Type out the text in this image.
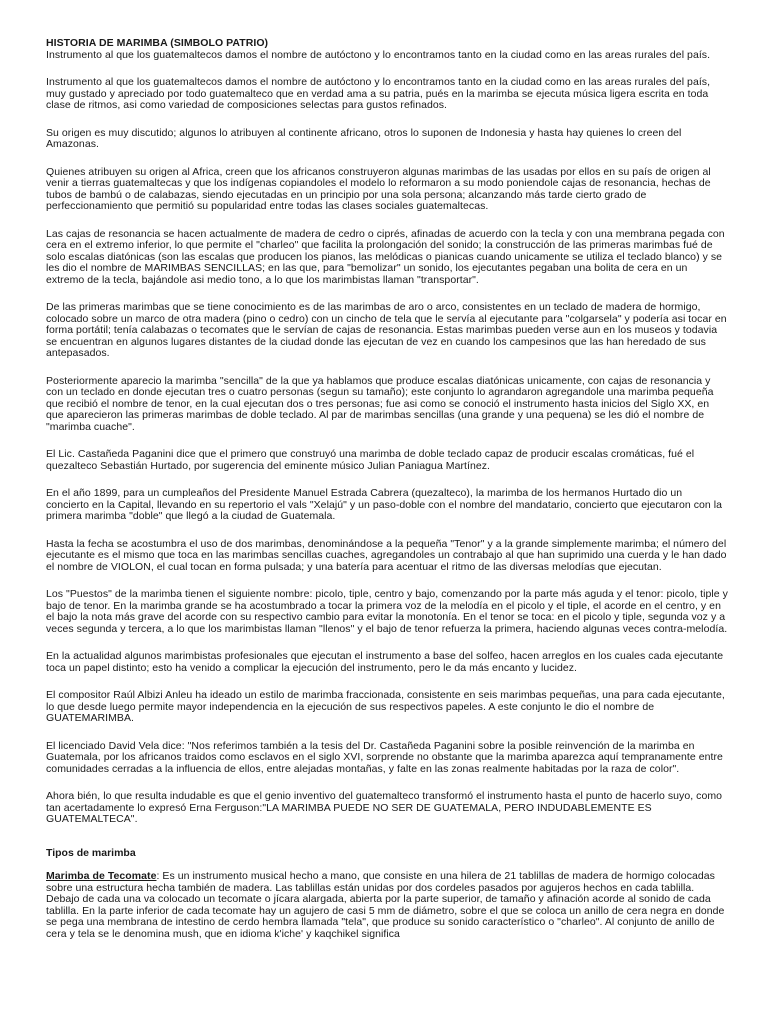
HISTORIA DE MARIMBA (SIMBOLO PATRIO)
Instrumento al que los guatemaltecos damos el nombre de autóctono y lo encontramos tanto en la ciudad como en las areas rurales del país.

Instrumento al que los guatemaltecos damos el nombre de autóctono y lo encontramos tanto en la ciudad como en las areas rurales del país, muy gustado y apreciado por todo guatemalteco que en verdad ama a su patria, pués en la marimba se ejecuta música ligera escrita en toda clase de ritmos, asi como variedad de composiciones selectas para gustos refinados.

Su origen es muy discutido; algunos lo atribuyen al continente africano, otros lo suponen de Indonesia y hasta hay quienes lo creen del Amazonas.

Quienes atribuyen su origen al Africa, creen que los africanos construyeron algunas marimbas de las usadas por ellos en su país de origen al venir a tierras guatemaltecas y que los indígenas copiandoles el modelo lo reformaron a su modo poniendole cajas de resonancia, hechas de tubos de bambú o de calabazas, siendo ejecutadas en un principio por una sola persona; alcanzando más tarde cierto grado de perfeccionamiento que permitió su popularidad entre todas las clases sociales guatemaltecas.

Las cajas de resonancia se hacen actualmente de madera de cedro o ciprés, afinadas de acuerdo con la tecla y con una membrana pegada con cera en el extremo inferior, lo que permite el "charleo" que facilita la prolongación del sonido; la construcción de las primeras marimbas fué de solo escalas diatónicas (son las escalas que producen los pianos, las melódicas o pianicas cuando unicamente se utiliza el teclado blanco) y se les dio el nombre de MARIMBAS SENCILLAS; en las que, para "bemolizar" un sonido, los ejecutantes pegaban una bolita de cera en un extremo de la tecla, bajándole asi medio tono, a lo que los marimbistas llaman "transportar".

De las primeras marimbas que se tiene conocimiento es de las marimbas de aro o arco, consistentes en un teclado de madera de hormigo, colocado sobre un marco de otra madera (pino o cedro) con un cincho de tela que le servía al ejecutante para "colgarsela" y podería asi tocar en forma portátil; tenía calabazas o tecomates que le servían de cajas de resonancia. Estas marimbas pueden verse aun en los museos y todavia se encuentran en algunos lugares distantes de la ciudad donde las ejecutan de vez en cuando los campesinos que las han heredado de sus antepasados.

Posteriormente aparecio la marimba "sencilla" de la que ya hablamos que produce escalas diatónicas unicamente, con cajas de resonancia y con un teclado en donde ejecutan tres o cuatro personas (segun su tamaño); este conjunto lo agrandaron agregandole una marimba pequeña que recibió el nombre de tenor, en la cual ejecutan dos o tres personas; fue asi como se conoció el instrumento hasta inicios del Siglo XX, en que aparecieron las primeras marimbas de doble teclado. Al par de marimbas sencillas (una grande y una pequena) se les dió el nombre de "marimba cuache".

El Lic. Castañeda Paganini dice que el primero que construyó una marimba de doble teclado capaz de producir escalas cromáticas, fué el quezalteco Sebastián Hurtado, por sugerencia del eminente músico Julian Paniagua Martínez.

En el año 1899, para un cumpleaños del Presidente Manuel Estrada Cabrera (quezalteco), la marimba de los hermanos Hurtado dio un concierto en la Capital, llevando en su repertorio el vals "Xelajú" y un paso-doble con el nombre del mandatario, concierto que ejecutaron con la primera marimba "doble" que llegó a la ciudad de Guatemala.

Hasta la fecha se acostumbra el uso de dos marimbas, denominándose a la pequeña "Tenor" y a la grande simplemente marimba; el número del ejecutante es el mismo que toca en las marimbas sencillas cuaches, agregandoles un contrabajo al que han suprimido una cuerda y le han dado el nombre de VIOLON, el cual tocan en forma pulsada; y una batería para acentuar el ritmo de las diversas melodías que ejecutan.

Los "Puestos" de la marimba tienen el siguiente nombre: picolo, tiple, centro y bajo, comenzando por la parte más aguda y el tenor: picolo, tiple y bajo de tenor. En la marimba grande se ha acostumbrado a tocar la primera voz de la melodía en el picolo y el tiple, el acorde en el centro, y en el bajo la nota más grave del acorde con su respectivo cambio para evitar la monotonía. En el tenor se toca: en el picolo y tiple, segunda voz y a veces segunda y tercera, a lo que los marimbistas llaman "llenos" y el bajo de tenor refuerza la primera, haciendo algunas veces contra-melodía.

En la actualidad algunos marimbistas profesionales que ejecutan el instrumento a base del solfeo, hacen arreglos en los cuales cada ejecutante toca un papel distinto; esto ha venido a complicar la ejecución del instrumento, pero le da más encanto y lucidez.

El compositor Raúl Albizi Anleu ha ideado un estilo de marimba fraccionada, consistente en seis marimbas pequeñas, una para cada ejecutante, lo que desde luego permite mayor independencia en la ejecución de sus respectivos papeles. A este conjunto le dio el nombre de GUATEMARIMBA.

El licenciado David Vela dice: "Nos referimos también a la tesis del Dr. Castañeda Paganini sobre la posible reinvención de la marimba en Guatemala, por los africanos traidos como esclavos en el siglo XVI, sorprende no obstante que la marimba aparezca aquí tempranamente entre comunidades cerradas a la influencia de ellos, entre alejadas montañas, y falte en las zonas realmente habitadas por la raza de color".

Ahora bién, lo que resulta indudable es que el genio inventivo del guatemalteco transformó el instrumento hasta el punto de hacerlo suyo, como tan acertadamente lo expresó Erna Ferguson:"LA MARIMBA PUEDE NO SER DE GUATEMALA, PERO INDUDABLEMENTE ES GUATEMALTECA".

Tipos de marimba

Marimba de Tecomate: Es un instrumento musical hecho a mano, que consiste en una hilera de 21 tablillas de madera de hormigo colocadas sobre una estructura hecha también de madera. Las tablillas están unidas por dos cordeles pasados por agujeros hechos en cada tablilla. Debajo de cada una va colocado un tecomate o jícara alargada, abierta por la parte superior, de tamaño y afinación acorde al sonido de cada tablilla. En la parte inferior de cada tecomate hay un agujero de casi 5 mm de diámetro, sobre el que se coloca un anillo de cera negra en donde se pega una membrana de intestino de cerdo hembra llamada "tela", que produce su sonido característico o "charleo". Al conjunto de anillo de cera y tela se le denomina mush, que en idioma k'iche' y kaqchikel significa
